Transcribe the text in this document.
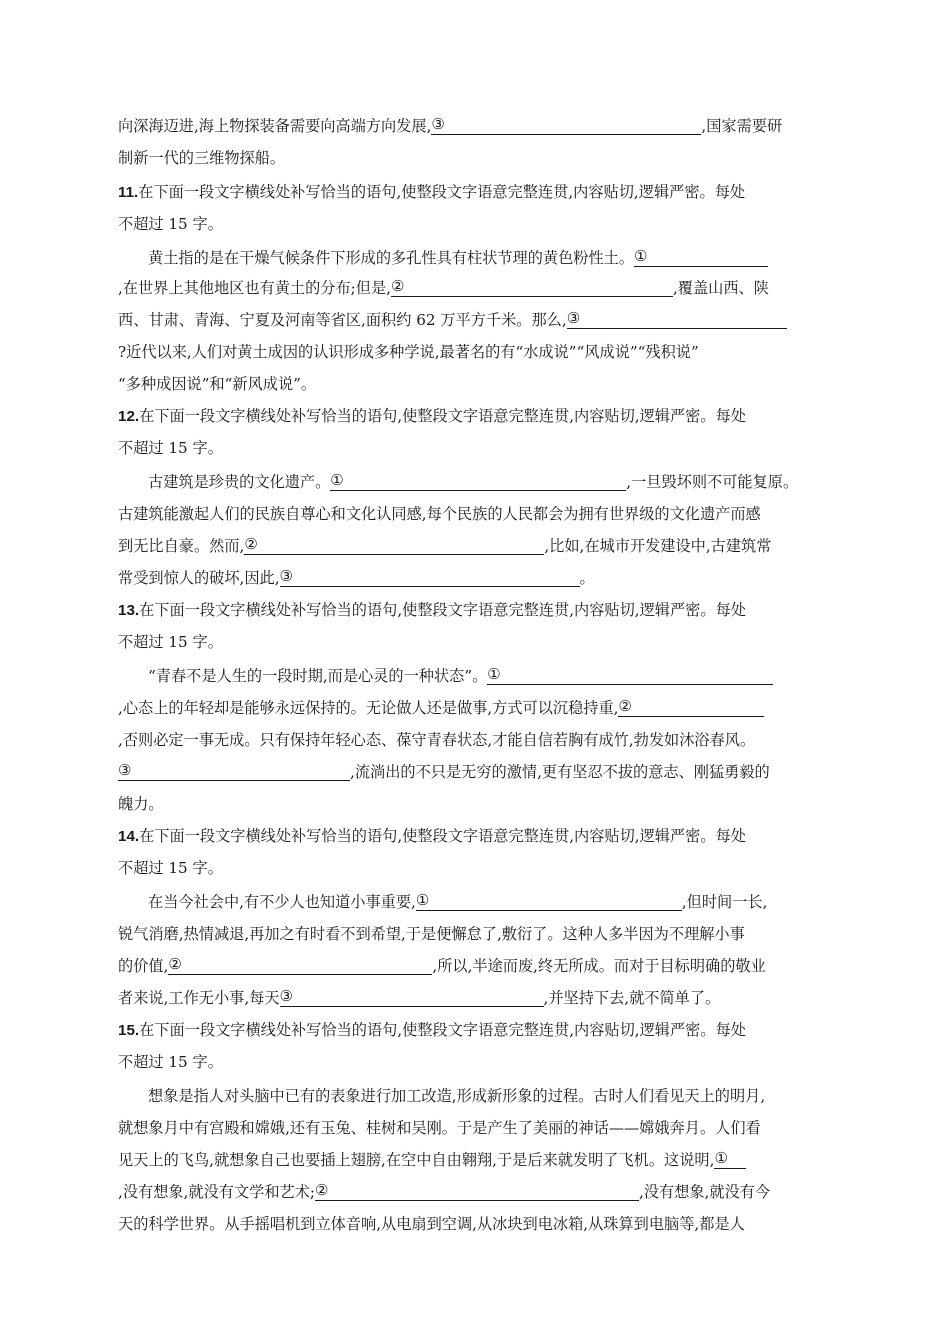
向深海迈进,海上物探装备需要向高端方向发展, ③	,国家需要研
制新一代的三维物探船。
11.在下面一段文字横线处补写恰当的语句,使整段文字语意完整连贯,内容贴切,逻辑严密。每处
不超过 15 字。
黄土指的是在干燥气候条件下形成的多孔性具有柱状节理的黄色粉性土。 ①
,在世界上其他地区也有黄土的分布;但是, ②	,覆盖山西、陕
西、甘肃、青海、宁夏及河南等省区,面积约 62 万平方千米。那么, ③
?近代以来,人们对黄土成因的认识形成多种学说,最著名的有“水成说”“风成说”“残积说”
“多种成因说”和“新风成说”。
12.在下面一段文字横线处补写恰当的语句,使整段文字语意完整连贯,内容贴切,逻辑严密。每处
不超过 15 字。
古建筑是珍贵的文化遗产。 ①	,一旦毁坏则不可能复原。
古建筑能激起人们的民族自尊心和文化认同感,每个民族的人民都会为拥有世界级的文化遗产而感
到无比自豪。然而, ②	,比如,在城市开发建设中,古建筑常
常受到惊人的破坏,因此, ③	。
13.在下面一段文字横线处补写恰当的语句,使整段文字语意完整连贯,内容贴切,逻辑严密。每处
不超过 15 字。
“青春不是人生的一段时期,而是心灵的一种状态”。 ①
,心态上的年轻却是能够永远保持的。无论做人还是做事,方式可以沉稳持重, ②
,否则必定一事无成。只有保持年轻心态、葆守青春状态,才能自信若胸有成竹,勃发如沐浴春风。
③	,流淌出的不只是无穷的激情,更有坚忍不拔的意志、刚猛勇毅的
魄力。
14.在下面一段文字横线处补写恰当的语句,使整段文字语意完整连贯,内容贴切,逻辑严密。每处
不超过 15 字。
在当今社会中,有不少人也知道小事重要, ①	,但时间一长,
锐气消磨,热情减退,再加之有时看不到希望,于是便懈怠了,敷衍了。这种人多半因为不理解小事
的价值, ②	,所以,半途而废,终无所成。而对于目标明确的敬业
者来说,工作无小事,每天 ③	,并坚持下去,就不简单了。
15.在下面一段文字横线处补写恰当的语句,使整段文字语意完整连贯,内容贴切,逻辑严密。每处
不超过 15 字。
想象是指人对头脑中已有的表象进行加工改造,形成新形象的过程。古时人们看见天上的明月,
就想象月中有宫殿和嫦娥,还有玉兔、桂树和吴刚。于是产生了美丽的神话——嫦娥奔月。人们看
见天上的飞鸟,就想象自己也要插上翅膀,在空中自由翱翔,于是后来就发明了飞机。这说明, ①
,没有想象,就没有文学和艺术; ②	,没有想象,就没有今
天的科学世界。从手摇唱机到立体音响,从电扇到空调,从冰块到电冰箱,从珠算到电脑等,都是人
